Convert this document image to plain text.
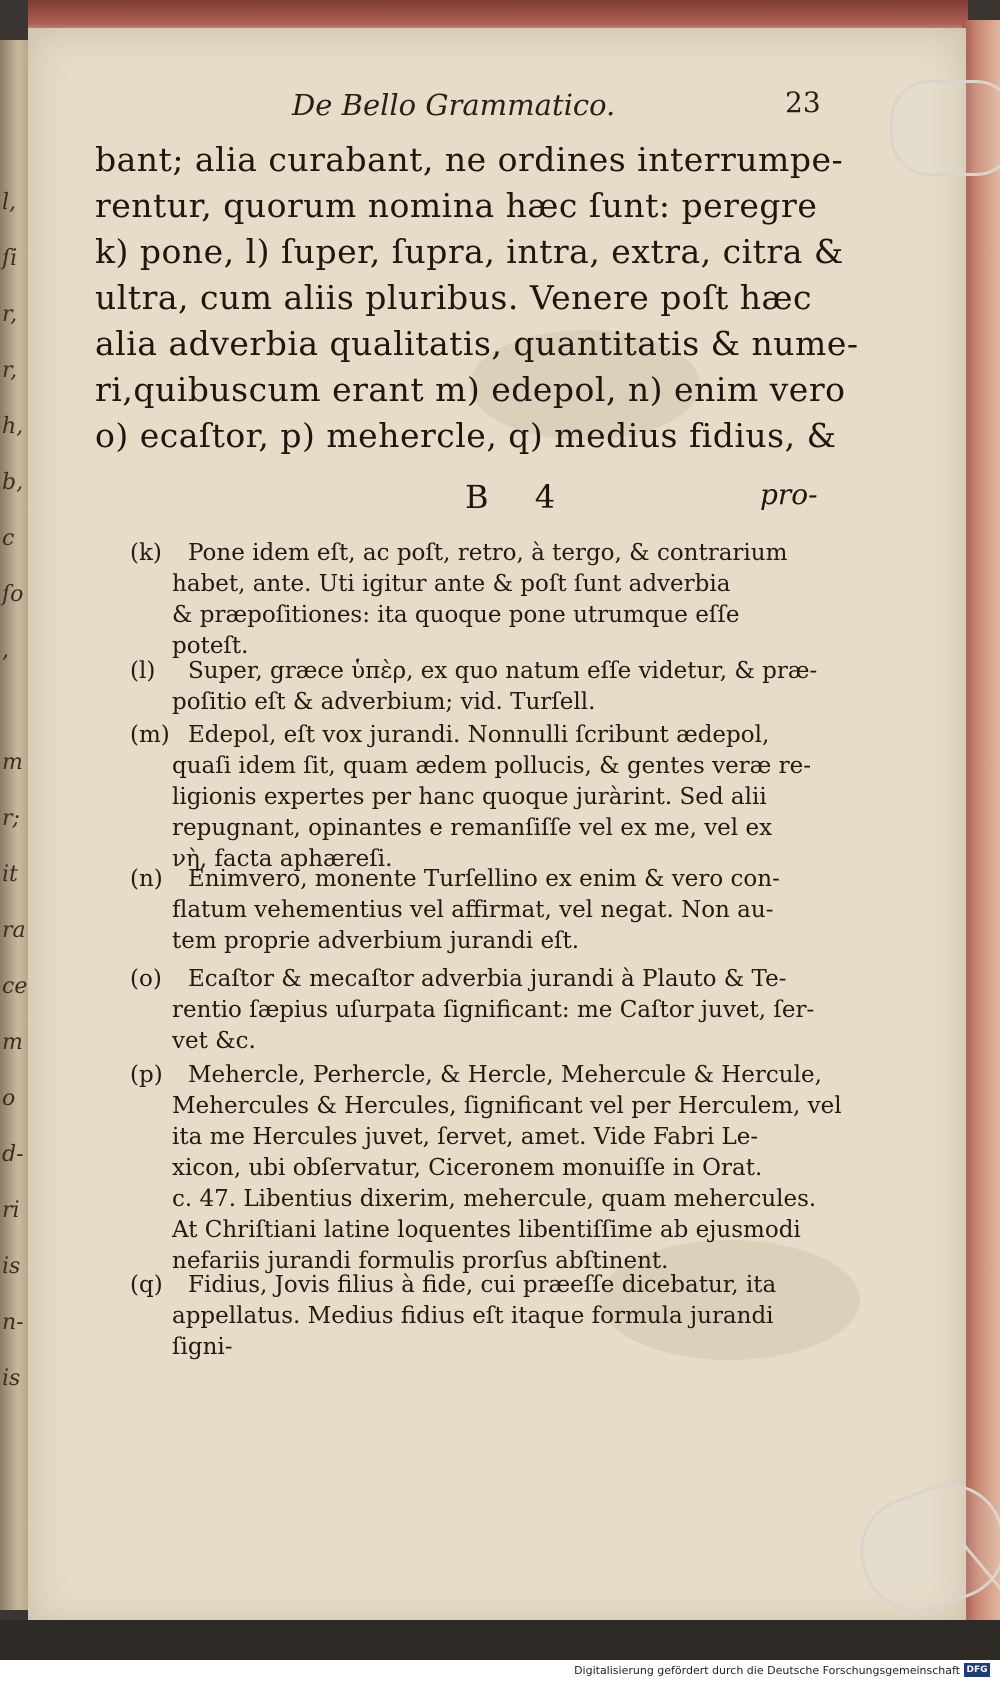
l,
ſi
r,
r,
h,
b,
c
ſo
,
m
r;
it
ra
ce
m
o
d-
ri
is
n-
is
De Bello Grammatico.	23
bant; alia curabant, ne ordines interrumpe-
rentur, quorum nomina hæc ſunt: peregre
k) pone, l) ſuper, ſupra, intra, extra, citra &
ultra, cum aliis pluribus. Venere poſt hæc
alia adverbia qualitatis, quantitatis & nume-
ri,quibuscum erant m) edepol, n) enim vero
o) ecaſtor, p) mehercle, q) medius fidius, &
B 4	pro-
(k) Pone idem eſt, ac poſt, retro, à tergo, & contrarium
habet, ante. Uti igitur ante & poſt ſunt adverbia
& præpoſitiones: ita quoque pone utrumque eſſe
poteſt.
(l) Super, græce ὑπὲρ, ex quo natum eſſe videtur, & præ-
poſitio eſt & adverbium; vid. Turſell.
(m) Edepol, eſt vox jurandi. Nonnulli ſcribunt ædepol,
quaſi idem ſit, quam ædem pollucis, & gentes veræ re-
ligionis expertes per hanc quoque juràrint. Sed alii
repugnant, opinantes e remanſiſſe vel ex me, vel ex
νὴ, facta aphæreſi.
(n) Enimvero, monente Turſellino ex enim & vero con-
flatum vehementius vel affirmat, vel negat. Non au-
tem proprie adverbium jurandi eſt.
(o) Ecaſtor & mecaſtor adverbia jurandi à Plauto & Te-
rentio ſæpius uſurpata ſignificant: me Caſtor juvet, ſer-
vet &c.
(p) Mehercle, Perhercle, & Hercle, Mehercule & Hercule,
Mehercules & Hercules, ſignificant vel per Herculem, vel
ita me Hercules juvet, ſervet, amet. Vide Fabri Le-
xicon, ubi obſervatur, Ciceronem monuiſſe in Orat.
c. 47. Libentius dixerim, mehercule, quam mehercules.
At Chriſtiani latine loquentes libentiſſime ab ejusmodi
nefariis jurandi formulis prorſus abſtinent.
(q) Fidius, Jovis filius à fide, cui præeſſe dicebatur, ita
appellatus. Medius fidius eſt itaque formula jurandi
ſigni-
Digitalisierung gefördert durch die Deutsche Forschungsgemeinschaft DFG
